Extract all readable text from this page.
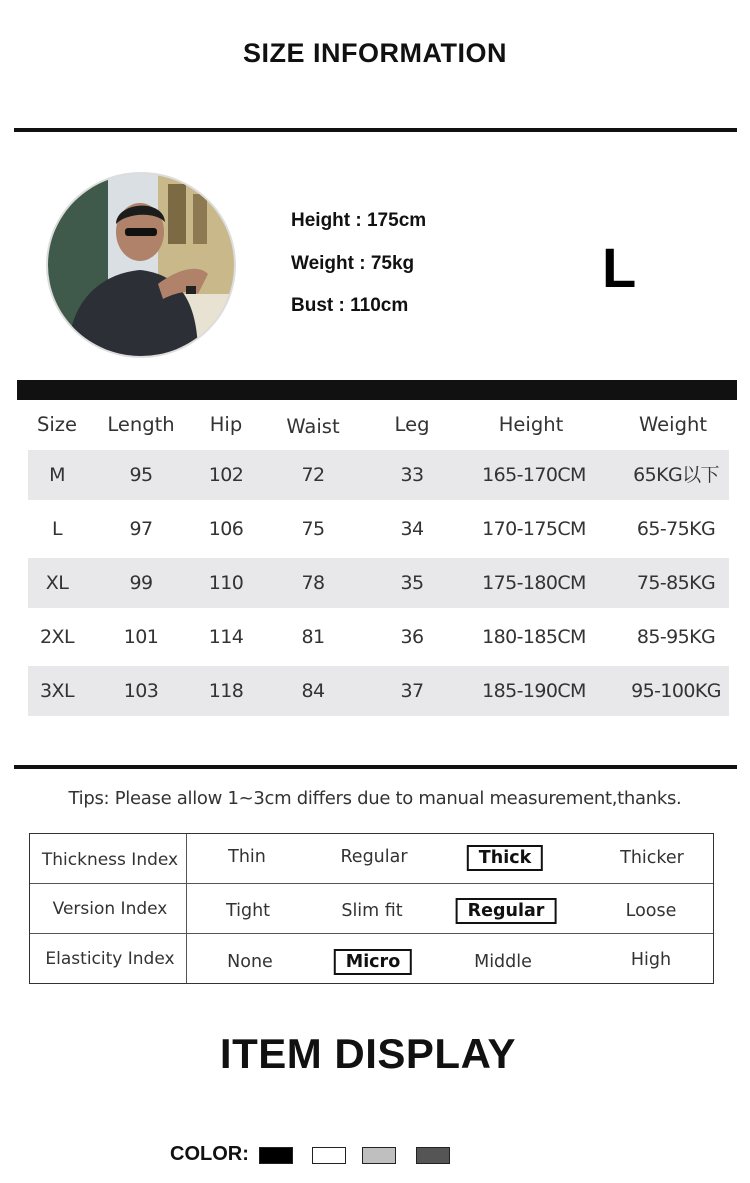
SIZE INFORMATION
Height : 175cm
Weight : 75kg
Bust : 110cm
L
Size Length Hip Waist	Leg	Height	Weight
M	95	102	72	33	165-170CM 65KG以下
L	97	106	75	34	170-175CM	65-75KG
XL	99	110	78	35	175-180CM	75-85KG
2XL	101	114	81	36	180-185CM	85-95KG
3XL	103	118	84	37	185-190CM 95-100KG
Tips: Please allow 1~3cm differs due to manual measurement,thanks.
Thickness Index	Thin	Regular	Thick	Thicker
Version Index	Tight	Slim fit	Regular	Loose
Elasticity Index	None	Micro	Middle	High
ITEM DISPLAY
COLOR:
